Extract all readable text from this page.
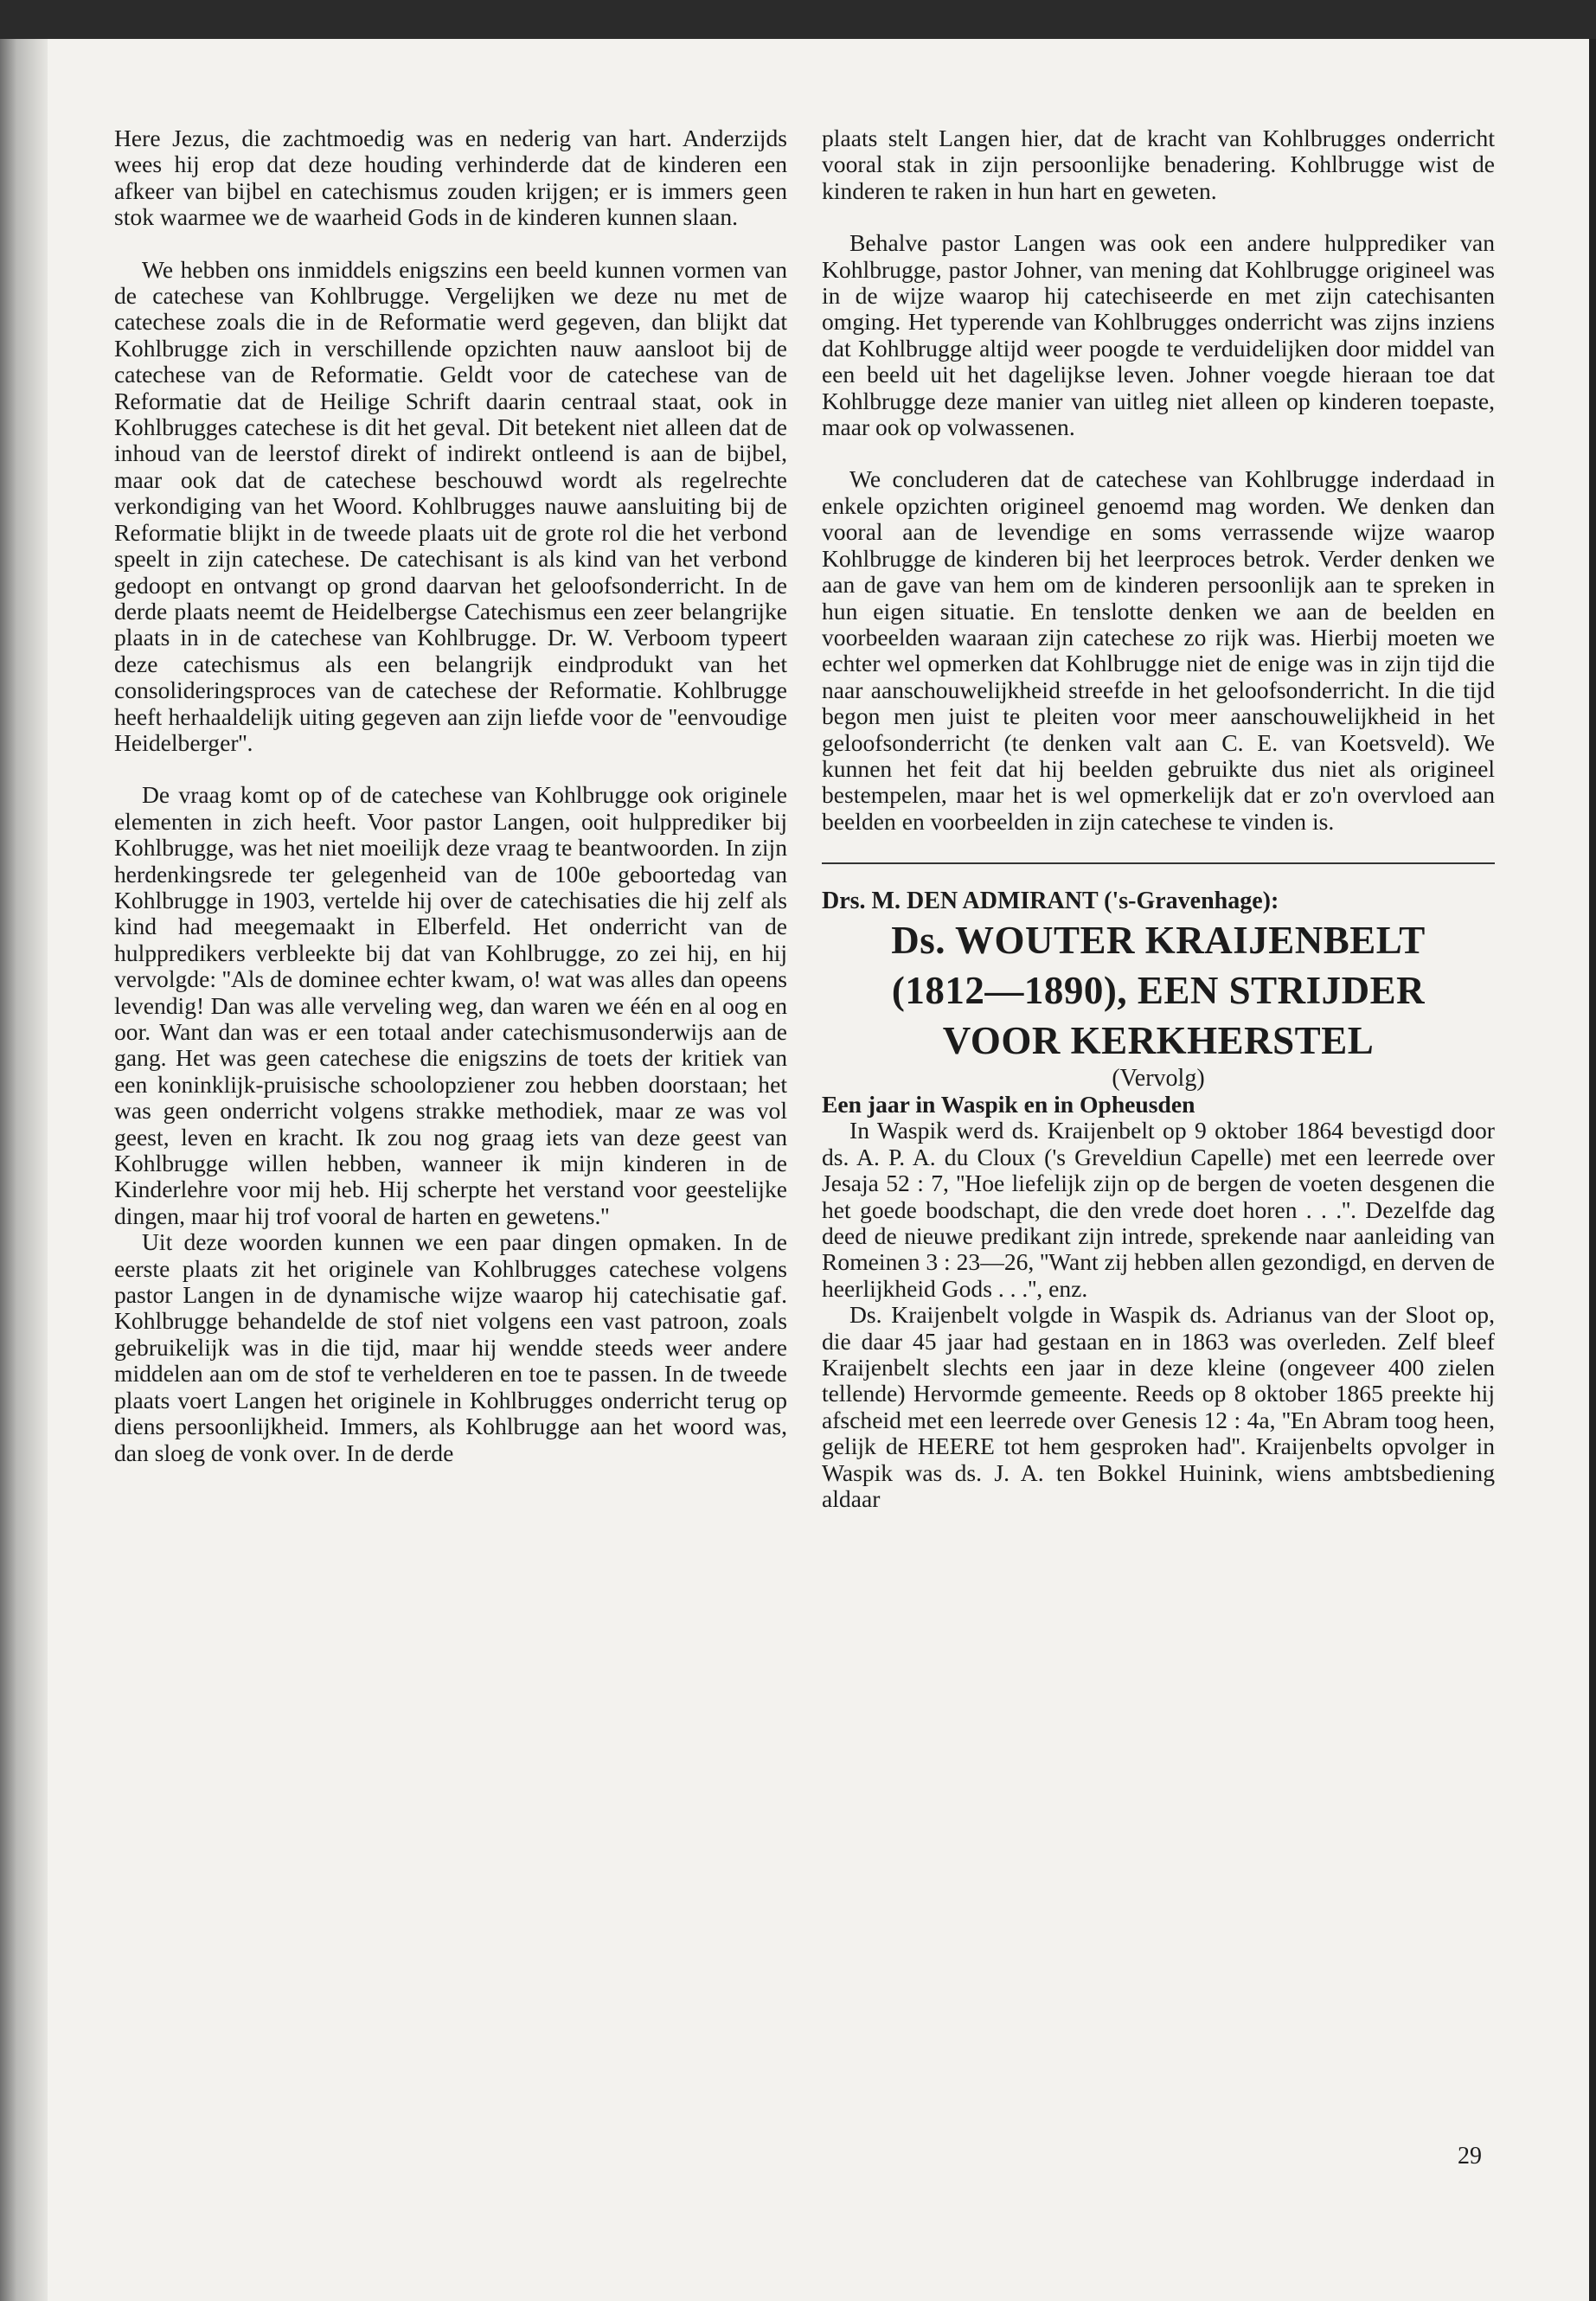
Here Jezus, die zachtmoedig was en nederig van hart. Anderzijds wees hij erop dat deze houding verhinderde dat de kinderen een afkeer van bijbel en catechismus zouden krijgen; er is immers geen stok waarmee we de waarheid Gods in de kinderen kunnen slaan.

We hebben ons inmiddels enigszins een beeld kunnen vormen van de catechese van Kohlbrugge. Vergelijken we deze nu met de catechese zoals die in de Reformatie werd gegeven, dan blijkt dat Kohlbrugge zich in verschillende opzichten nauw aansloot bij de catechese van de Reformatie. Geldt voor de catechese van de Reformatie dat de Heilige Schrift daarin centraal staat, ook in Kohlbrugges catechese is dit het geval. Dit betekent niet alleen dat de inhoud van de leerstof direkt of indirekt ontleend is aan de bijbel, maar ook dat de catechese beschouwd wordt als regelrechte verkondiging van het Woord. Kohlbrugges nauwe aansluiting bij de Reformatie blijkt in de tweede plaats uit de grote rol die het verbond speelt in zijn catechese. De catechisant is als kind van het verbond gedoopt en ontvangt op grond daarvan het geloofsonderricht. In de derde plaats neemt de Heidelbergse Catechismus een zeer belangrijke plaats in in de catechese van Kohlbrugge. Dr. W. Verboom typeert deze catechismus als een belangrijk eindprodukt van het consolideringsproces van de catechese der Reformatie. Kohlbrugge heeft herhaaldelijk uiting gegeven aan zijn liefde voor de ''eenvoudige Heidelberger''.

De vraag komt op of de catechese van Kohlbrugge ook originele elementen in zich heeft. Voor pastor Langen, ooit hulpprediker bij Kohlbrugge, was het niet moeilijk deze vraag te beantwoorden. In zijn herdenkingsrede ter gelegenheid van de 100e geboortedag van Kohlbrugge in 1903, vertelde hij over de catechisaties die hij zelf als kind had meegemaakt in Elberfeld. Het onderricht van de hulppredikers verbleekte bij dat van Kohlbrugge, zo zei hij, en hij vervolgde: ''Als de dominee echter kwam, o! wat was alles dan opeens levendig! Dan was alle verveling weg, dan waren we één en al oog en oor. Want dan was er een totaal ander catechismusonderwijs aan de gang. Het was geen catechese die enigszins de toets der kritiek van een koninklijk-pruisische schoolopziener zou hebben doorstaan; het was geen onderricht volgens strakke methodiek, maar ze was vol geest, leven en kracht. Ik zou nog graag iets van deze geest van Kohlbrugge willen hebben, wanneer ik mijn kinderen in de Kinderlehre voor mij heb. Hij scherpte het verstand voor geestelijke dingen, maar hij trof vooral de harten en gewetens.''

Uit deze woorden kunnen we een paar dingen opmaken. In de eerste plaats zit het originele van Kohlbrugges catechese volgens pastor Langen in de dynamische wijze waarop hij catechisatie gaf. Kohlbrugge behandelde de stof niet volgens een vast patroon, zoals gebruikelijk was in die tijd, maar hij wendde steeds weer andere middelen aan om de stof te verhelderen en toe te passen. In de tweede plaats voert Langen het originele in Kohlbrugges onderricht terug op diens persoonlijkheid. Immers, als Kohlbrugge aan het woord was, dan sloeg de vonk over. In de derde

plaats stelt Langen hier, dat de kracht van Kohlbrugges onderricht vooral stak in zijn persoonlijke benadering. Kohlbrugge wist de kinderen te raken in hun hart en geweten.

Behalve pastor Langen was ook een andere hulpprediker van Kohlbrugge, pastor Johner, van mening dat Kohlbrugge origineel was in de wijze waarop hij catechiseerde en met zijn catechisanten omging. Het typerende van Kohlbrugges onderricht was zijns inziens dat Kohlbrugge altijd weer poogde te verduidelijken door middel van een beeld uit het dagelijkse leven. Johner voegde hieraan toe dat Kohlbrugge deze manier van uitleg niet alleen op kinderen toepaste, maar ook op volwassenen.

We concluderen dat de catechese van Kohlbrugge inderdaad in enkele opzichten origineel genoemd mag worden. We denken dan vooral aan de levendige en soms verrassende wijze waarop Kohlbrugge de kinderen bij het leerproces betrok. Verder denken we aan de gave van hem om de kinderen persoonlijk aan te spreken in hun eigen situatie. En tenslotte denken we aan de beelden en voorbeelden waaraan zijn catechese zo rijk was. Hierbij moeten we echter wel opmerken dat Kohlbrugge niet de enige was in zijn tijd die naar aanschouwelijkheid streefde in het geloofsonderricht. In die tijd begon men juist te pleiten voor meer aanschouwelijkheid in het geloofsonderricht (te denken valt aan C. E. van Koetsveld). We kunnen het feit dat hij beelden gebruikte dus niet als origineel bestempelen, maar het is wel opmerkelijk dat er zo'n overvloed aan beelden en voorbeelden in zijn catechese te vinden is.

Drs. M. DEN ADMIRANT ('s-Gravenhage):

Ds. WOUTER KRAIJENBELT

(1812—1890), EEN STRIJDER

VOOR KERKHERSTEL

(Vervolg)

Een jaar in Waspik en in Opheusden

In Waspik werd ds. Kraijenbelt op 9 oktober 1864 bevestigd door ds. A. P. A. du Cloux ('s Greveldiun Capelle) met een leerrede over Jesaja 52 : 7, ''Hoe liefelijk zijn op de bergen de voeten desgenen die het goede boodschapt, die den vrede doet horen . . .''. Dezelfde dag deed de nieuwe predikant zijn intrede, sprekende naar aanleiding van Romeinen 3 : 23—26, ''Want zij hebben allen gezondigd, en derven de heerlijkheid Gods . . .'', enz.

Ds. Kraijenbelt volgde in Waspik ds. Adrianus van der Sloot op, die daar 45 jaar had gestaan en in 1863 was overleden. Zelf bleef Kraijenbelt slechts een jaar in deze kleine (ongeveer 400 zielen tellende) Hervormde gemeente. Reeds op 8 oktober 1865 preekte hij afscheid met een leerrede over Genesis 12 : 4a, ''En Abram toog heen, gelijk de HEERE tot hem gesproken had''. Kraijenbelts opvolger in Waspik was ds. J. A. ten Bokkel Huinink, wiens ambtsbediening aldaar

29
